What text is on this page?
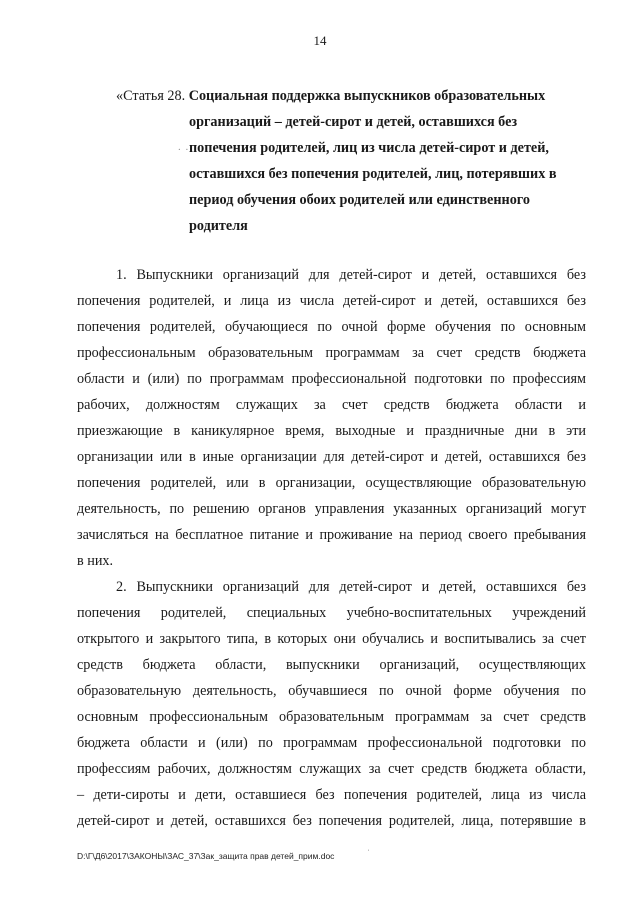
14
«Статья 28. Социальная поддержка выпускников образовательных
организаций – детей-сирот и детей, оставшихся без
попечения родителей, лиц из числа детей-сирот и детей,
оставшихся без попечения родителей, лиц, потерявших в
период обучения обоих родителей или единственного
родителя
. .
1. Выпускники организаций для детей-сирот и детей, оставшихся без
попечения родителей, и лица из числа детей-сирот и детей, оставшихся без
попечения родителей, обучающиеся по очной форме обучения по основным
профессиональным образовательным программам за счет средств бюджета
области и (или) по программам профессиональной подготовки по профессиям
рабочих, должностям служащих за счет средств бюджета области и
приезжающие в каникулярное время, выходные и праздничные дни в эти
организации или в иные организации для детей-сирот и детей, оставшихся без
попечения родителей, или в организации, осуществляющие образовательную
деятельность, по решению органов управления указанных организаций могут
зачисляться на бесплатное питание и проживание на период своего пребывания
в них.
2. Выпускники организаций для детей-сирот и детей, оставшихся без
попечения родителей, специальных учебно-воспитательных учреждений
открытого и закрытого типа, в которых они обучались и воспитывались за счет
средств бюджета области, выпускники организаций, осуществляющих
образовательную деятельность, обучавшиеся по очной форме обучения по
основным профессиональным образовательным программам за счет средств
бюджета области и (или) по программам профессиональной подготовки по
профессиям рабочих, должностям служащих за счет средств бюджета области,
– дети-сироты и дети, оставшиеся без попечения родителей, лица из числа
детей-сирот и детей, оставшихся без попечения родителей, лица, потерявшие в
D:\Г\Д6\2017\ЗАКОНЫ\ЗАС_37\Зак_защита прав детей_прим.doc	ˈ
